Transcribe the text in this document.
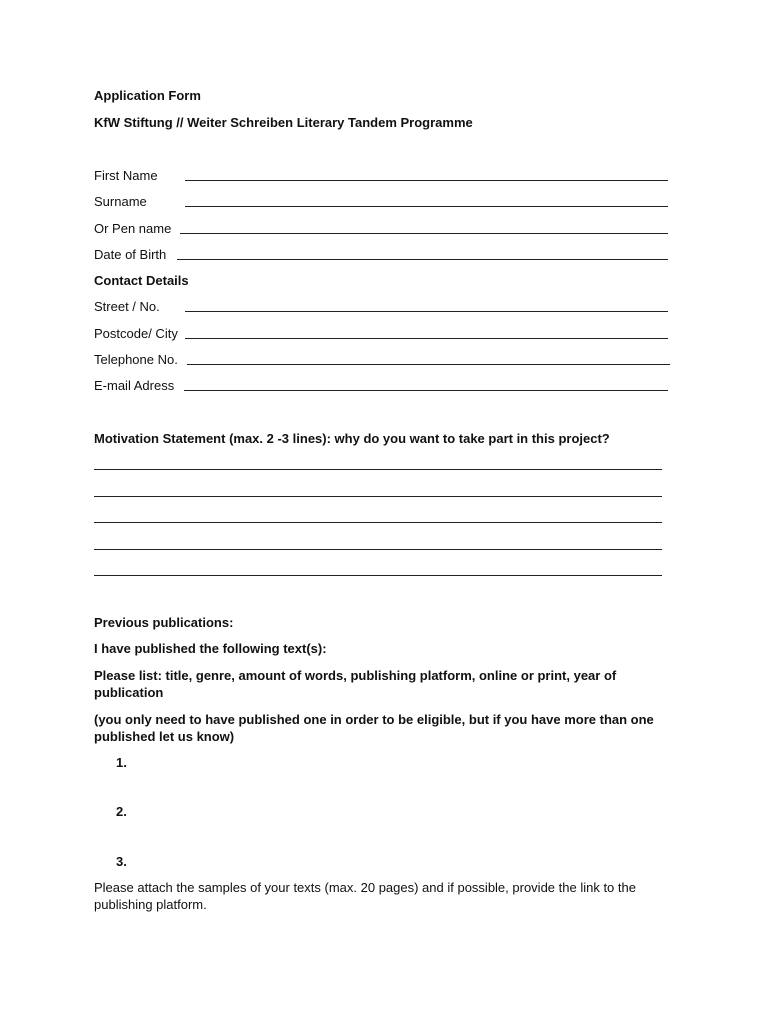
Application Form
KfW Stiftung // Weiter Schreiben Literary Tandem Programme
First Name
Surname
Or Pen name
Date of Birth
Contact Details
Street / No.
Postcode/ City
Telephone No.
E-mail Adress
Motivation Statement (max. 2 -3 lines): why do you want to take part in this project?
Previous publications:
I have published the following text(s):
Please list: title, genre, amount of words, publishing platform, online or print, year of publication
(you only need to have published one in order to be eligible, but if you have more than one published let us know)
1.
2.
3.
Please attach the samples of your texts (max. 20 pages) and if possible, provide the link to the publishing platform.
